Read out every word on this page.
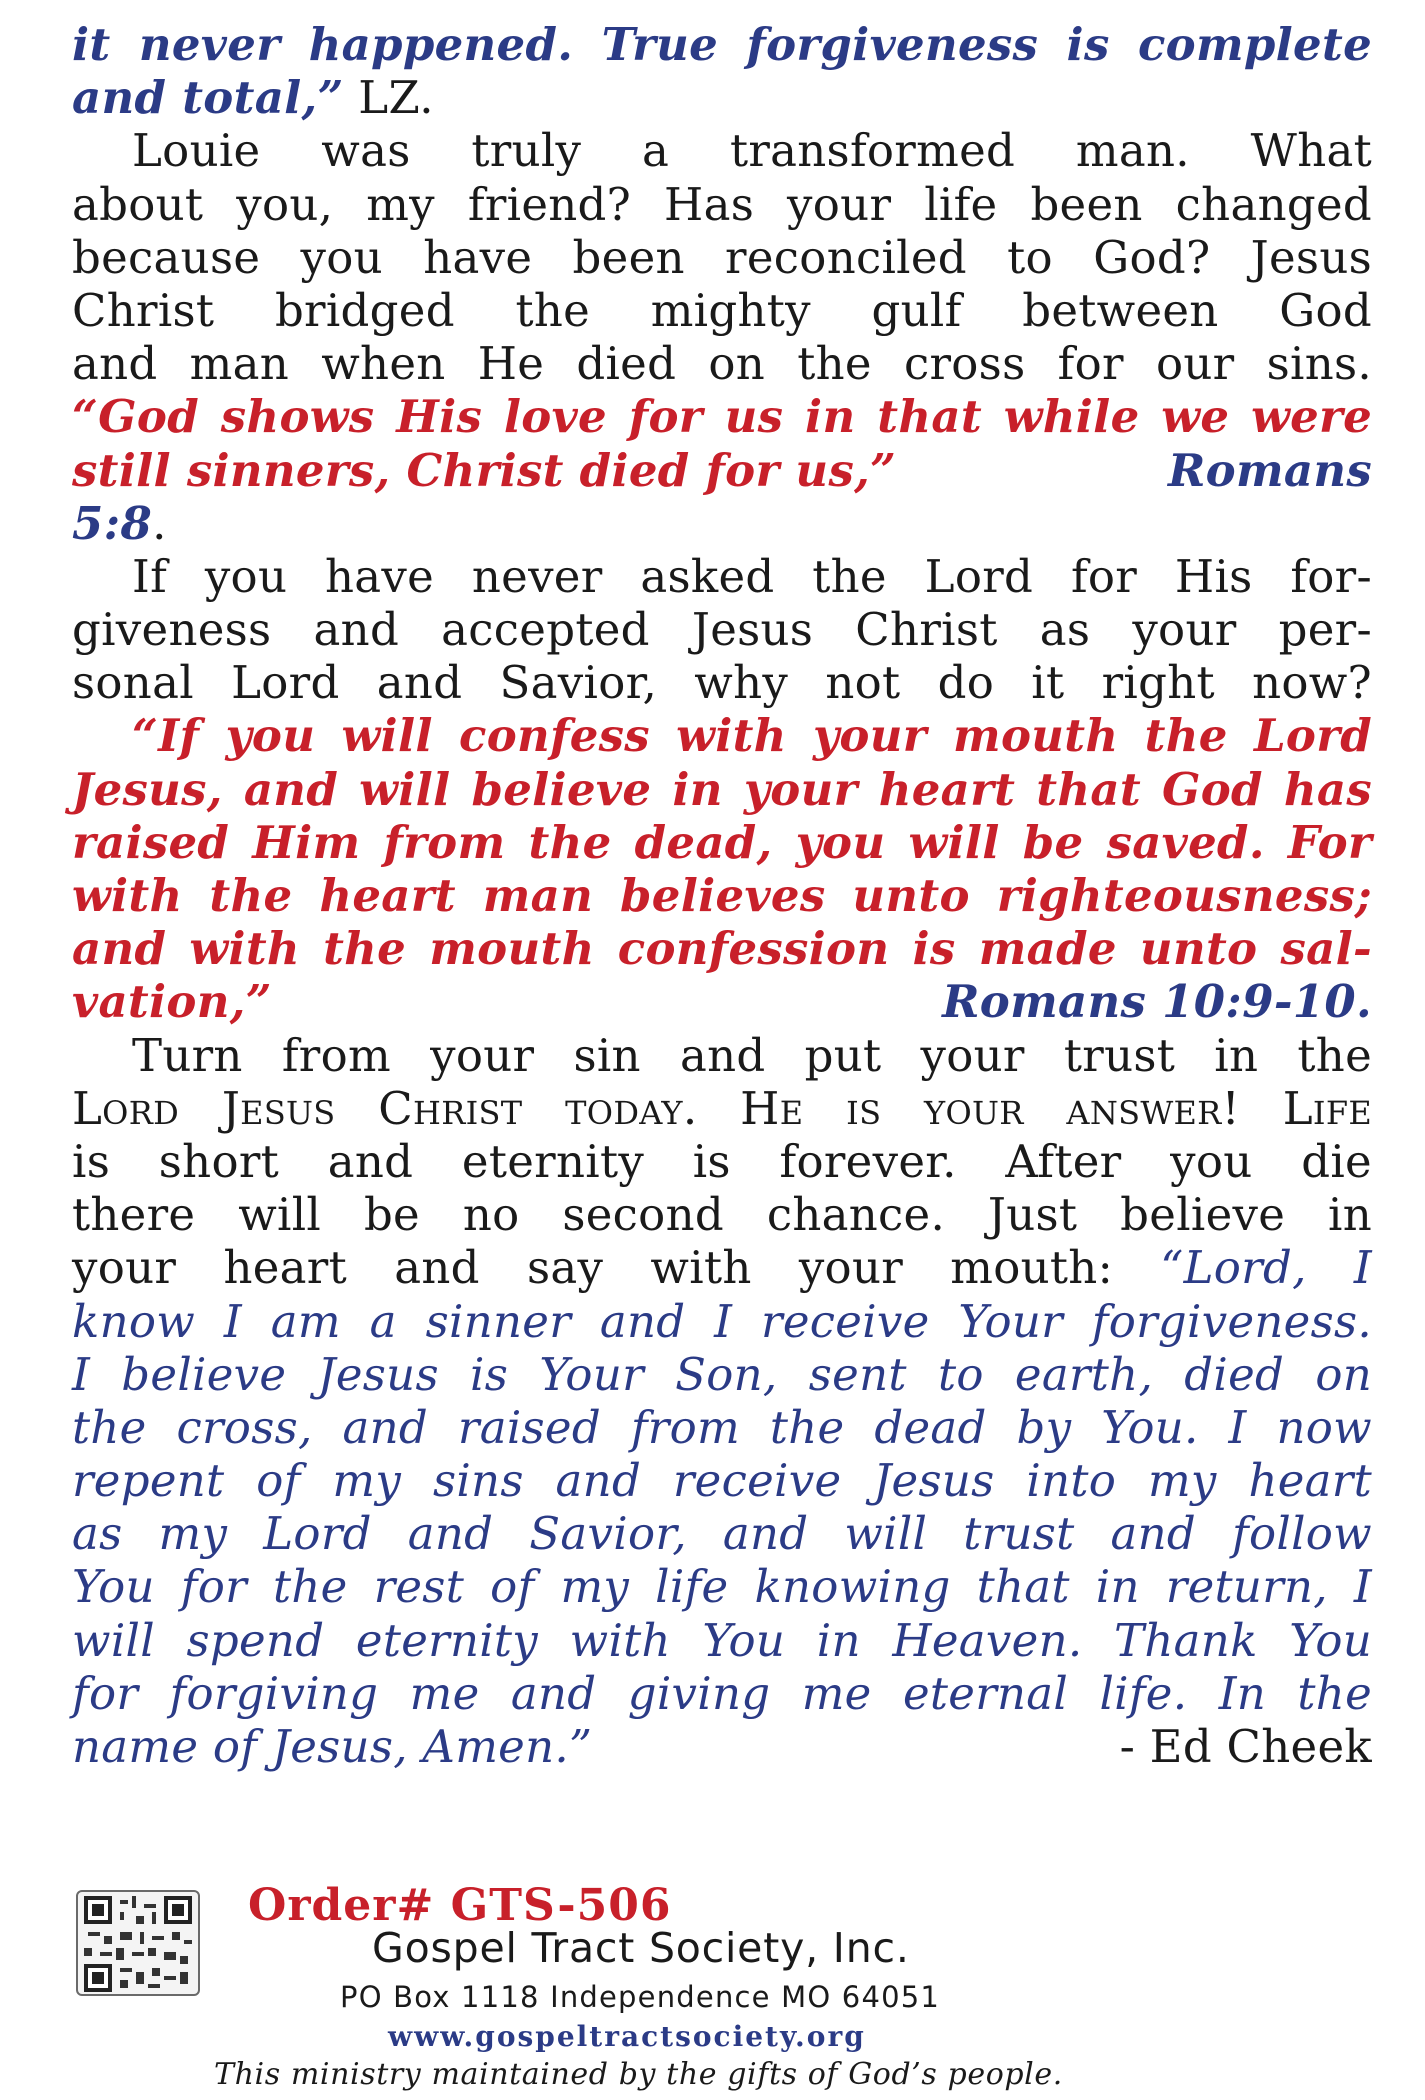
it never happened. True forgiveness is complete
and total,” LZ.
Louie was truly a transformed man. What
about you, my friend? Has your life been changed
because you have been reconciled to God? Jesus
Christ bridged the mighty gulf between God
and man when He died on the cross for our sins.
“God shows His love for us in that while we were
still sinners, Christ died for us,”	Romans
5:8.
If you have never asked the Lord for His for-
giveness and accepted Jesus Christ as your per-
sonal Lord and Savior, why not do it right now?
“If you will confess with your mouth the Lord
Jesus, and will believe in your heart that God has
raised Him from the dead, you will be saved. For
with the heart man believes unto righteousness;
and with the mouth confession is made unto sal-
vation,”	Romans 10:9-10.
Turn from your sin and put your trust in the
Lord Jesus Christ today. He is your answer! Life
is short and eternity is forever. After you die
there will be no second chance. Just believe in
your heart and say with your mouth: “Lord, I
know I am a sinner and I receive Your forgiveness.
I believe Jesus is Your Son, sent to earth, died on
the cross, and raised from the dead by You. I now
repent of my sins and receive Jesus into my heart
as my Lord and Savior, and will trust and follow
You for the rest of my life knowing that in return, I
will spend eternity with You in Heaven. Thank You
for forgiving me and giving me eternal life. In the
name of Jesus, Amen.”	- Ed Cheek
Order# GTS-506
Gospel Tract Society, Inc.
PO Box 1118 Independence MO 64051
www.gospeltractsociety.org
This ministry maintained by the gifts of God’s people.
